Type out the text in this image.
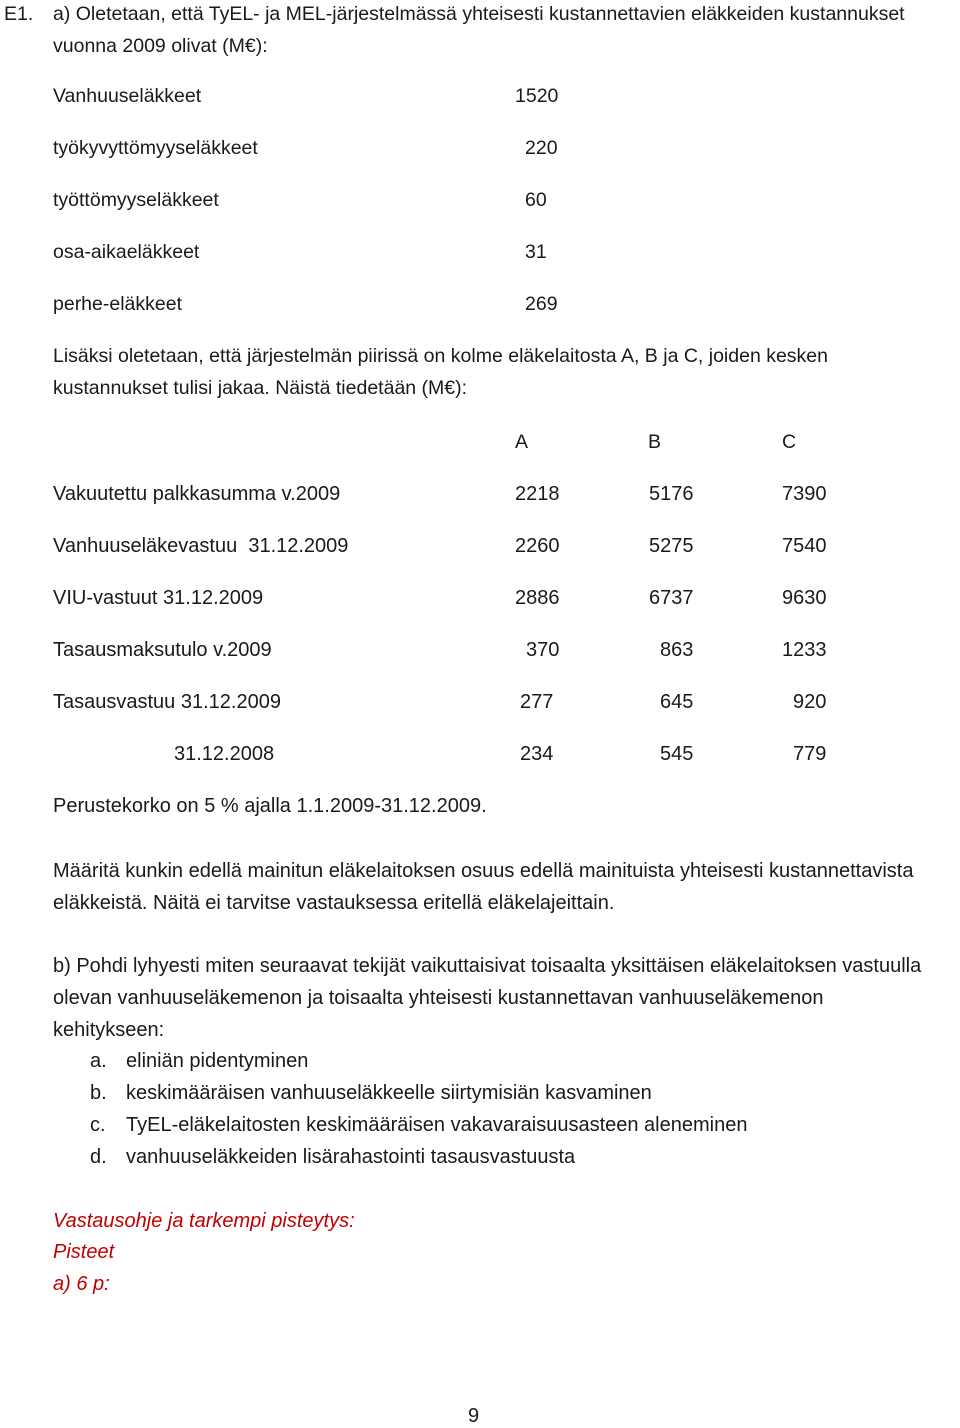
E1. a) Oletetaan, että TyEL- ja MEL-järjestelmässä yhteisesti kustannettavien eläkkeiden kustannukset
vuonna 2009 olivat (M€):
Vanhuuseläkkeet	1520
työkyvyttömyyseläkkeet	220
työttömyyseläkkeet	60
osa-aikaeläkkeet	31
perhe-eläkkeet	269
Lisäksi oletetaan, että järjestelmän piirissä on kolme eläkelaitosta A, B ja C, joiden kesken
kustannukset tulisi jakaa. Näistä tiedetään (M€):
A	B	C
Vakuutettu palkkasumma v.2009	2218	5176	7390
Vanhuuseläkevastuu  31.12.2009	2260	5275	7540
VIU-vastuut 31.12.2009	2886	6737	9630
Tasausmaksutulo v.2009	370	863	1233
Tasausvastuu 31.12.2009	277	645	920
31.12.2008	234	545	779
Perustekorko on 5 % ajalla 1.1.2009-31.12.2009.
Määritä kunkin edellä mainitun eläkelaitoksen osuus edellä mainituista yhteisesti kustannettavista
eläkkeistä. Näitä ei tarvitse vastauksessa eritellä eläkelajeittain.
b) Pohdi lyhyesti miten seuraavat tekijät vaikuttaisivat toisaalta yksittäisen eläkelaitoksen vastuulla
olevan vanhuuseläkemenon ja toisaalta yhteisesti kustannettavan vanhuuseläkemenon
kehitykseen:
a. eliniän pidentyminen
b. keskimääräisen vanhuuseläkkeelle siirtymisiän kasvaminen
c. TyEL-eläkelaitosten keskimääräisen vakavaraisuusasteen aleneminen
d. vanhuuseläkkeiden lisärahastointi tasausvastuusta
Vastausohje ja tarkempi pisteytys:
Pisteet
a) 6 p:
9
